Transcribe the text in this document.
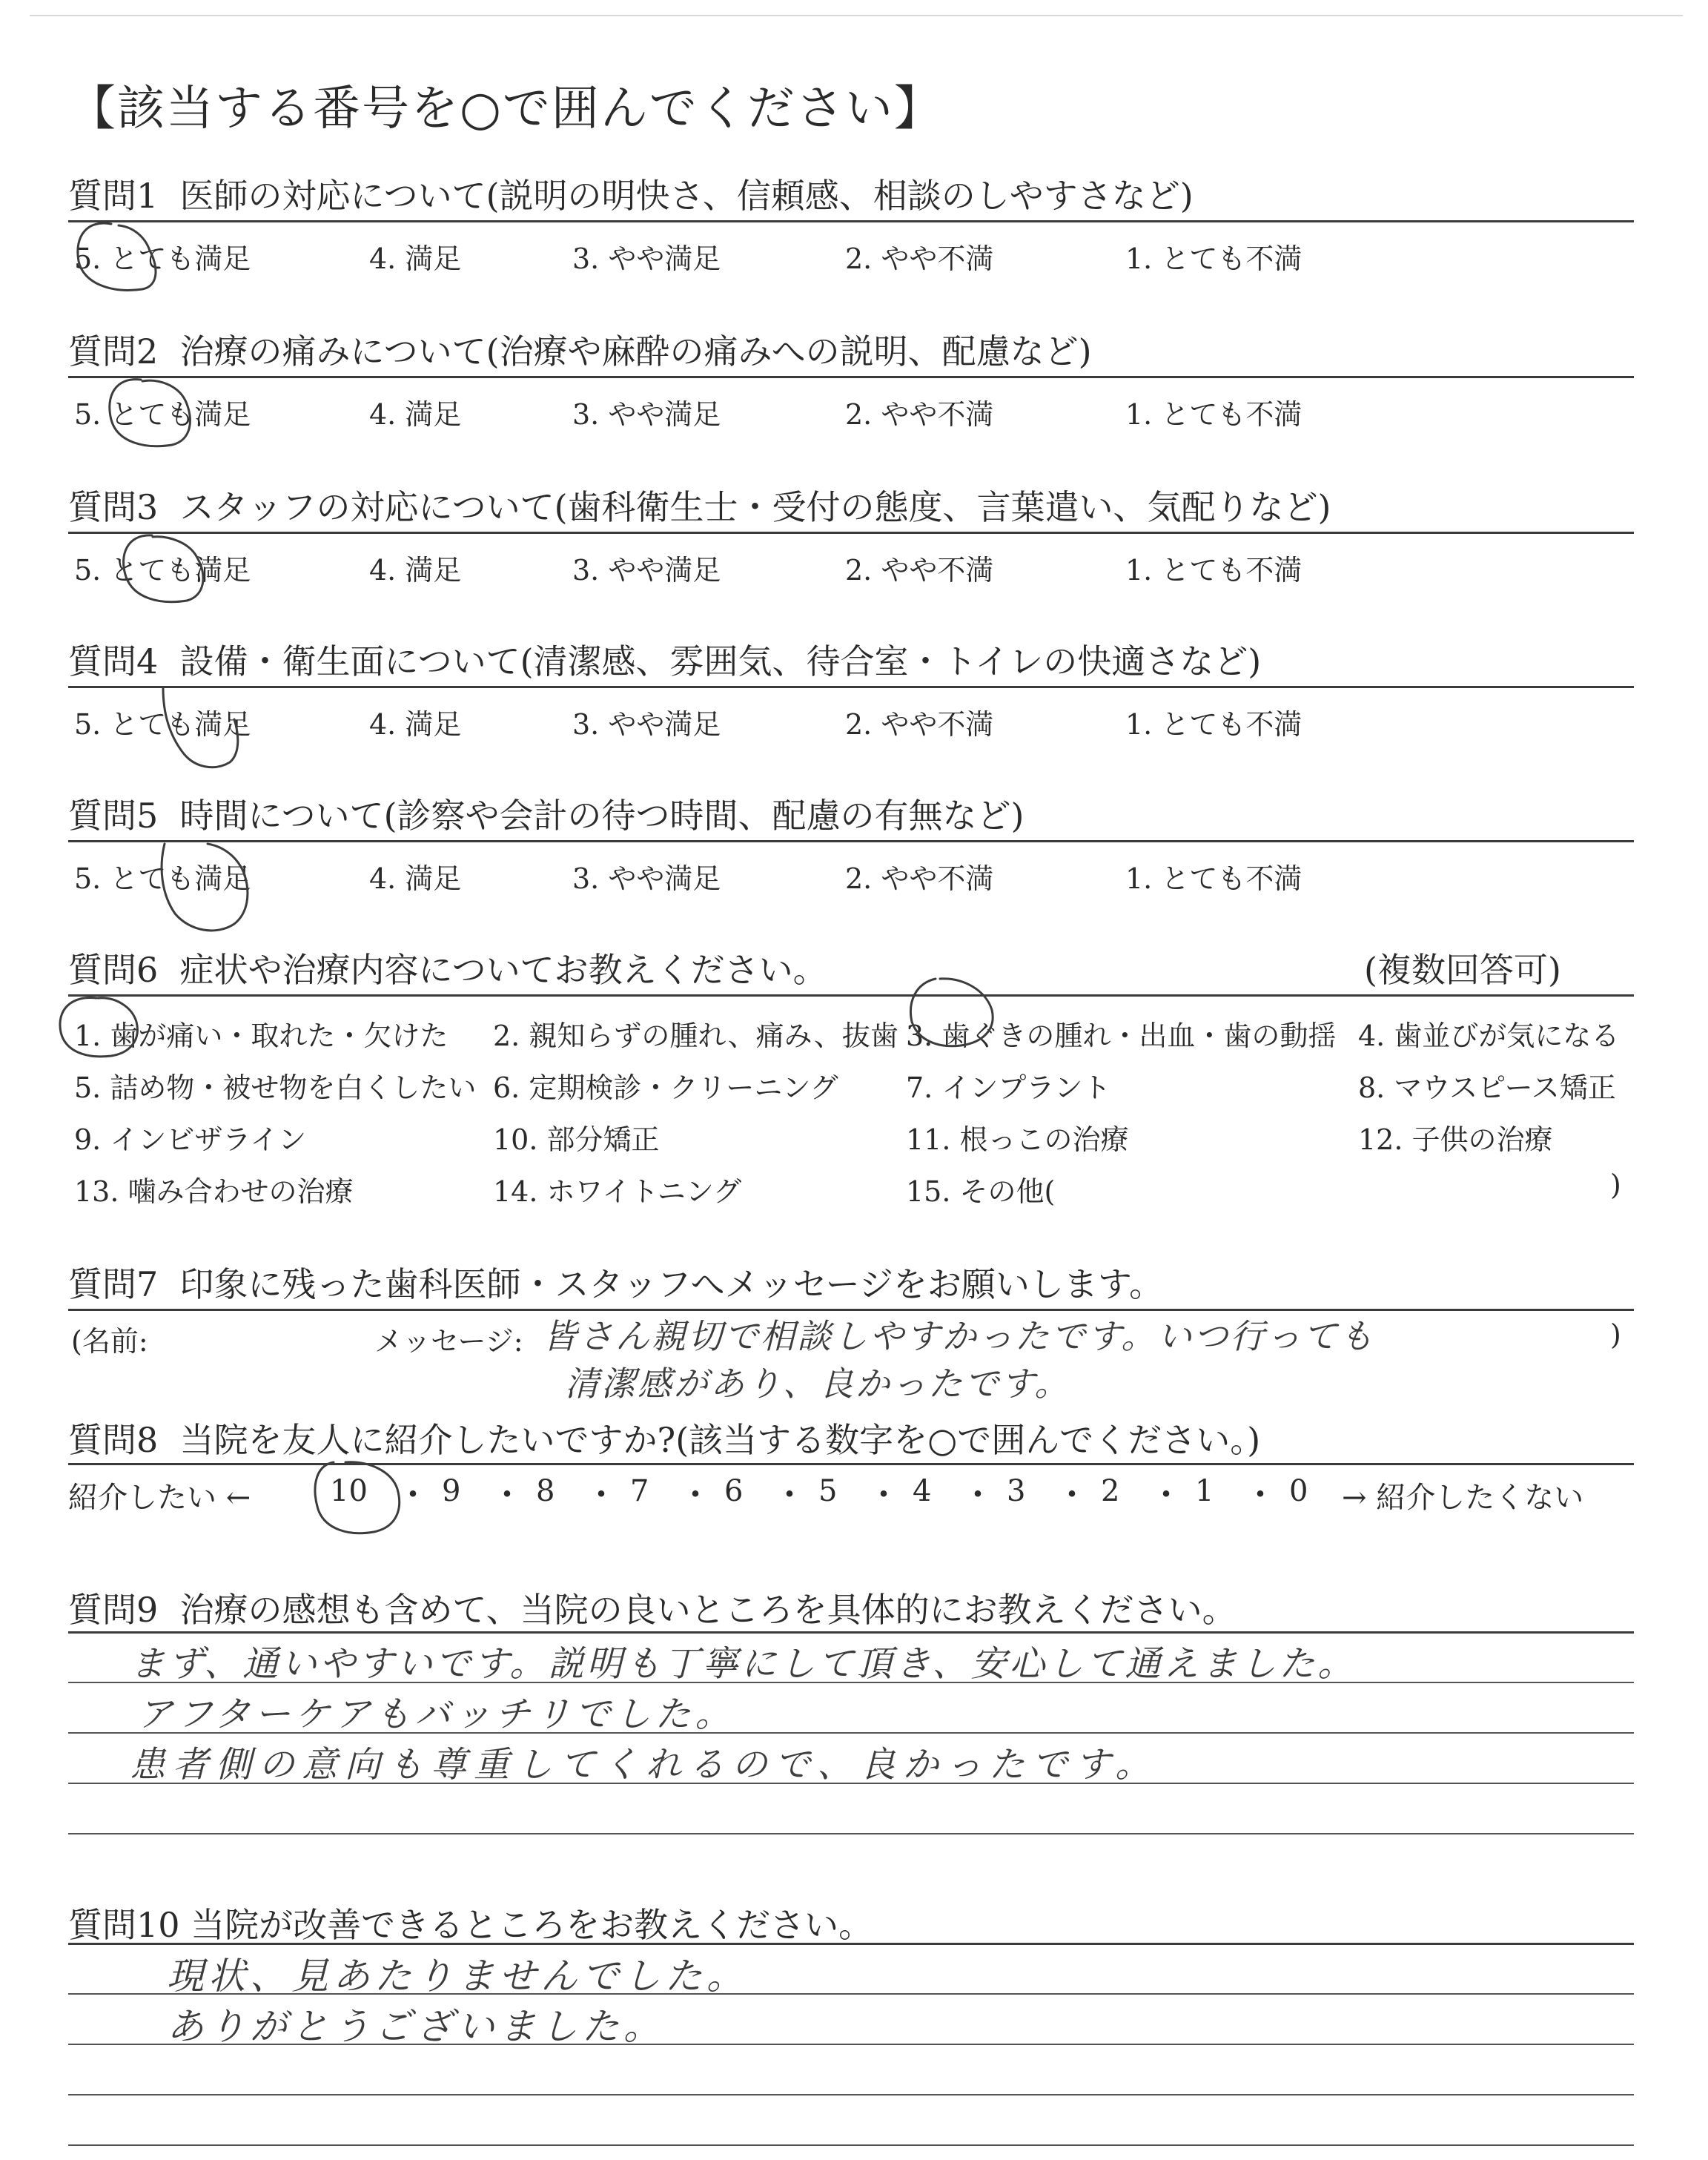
【該当する番号を○で囲んでください】
質問1 医師の対応について(説明の明快さ、信頼感、相談のしやすさなど)
5. とても満足	4. 満足	3. やや満足	2. やや不満	1. とても不満
質問2 治療の痛みについて(治療や麻酔の痛みへの説明、配慮など)
5. とても満足	4. 満足	3. やや満足	2. やや不満	1. とても不満
質問3 スタッフの対応について(歯科衛生士・受付の態度、言葉遣い、気配りなど)
5. とても満足	4. 満足	3. やや満足	2. やや不満	1. とても不満
質問4 設備・衛生面について(清潔感、雰囲気、待合室・トイレの快適さなど)
5. とても満足	4. 満足	3. やや満足	2. やや不満	1. とても不満
質問5 時間について(診察や会計の待つ時間、配慮の有無など)
5. とても満足	4. 満足	3. やや満足	2. やや不満	1. とても不満
質問6 症状や治療内容についてお教えください。	(複数回答可)
1. 歯が痛い・取れた・欠けた 2. 親知らずの腫れ、痛み、抜歯 3. 歯ぐきの腫れ・出血・歯の動揺 4. 歯並びが気になる
5. 詰め物・被せ物を白くしたい 6. 定期検診・クリーニング 7. インプラント	8. マウスピース矯正
9. インビザライン	10. 部分矯正	11. 根っこの治療	12. 子供の治療
13. 噛み合わせの治療	14. ホワイトニング	15. その他(	)
質問7 印象に残った歯科医師・スタッフへメッセージをお願いします。
(名前:	メッセージ:	)
皆さん親切で相談しやすかったです。いつ行っても
清潔感があり、良かったです。
質問8 当院を友人に紹介したいですか?(該当する数字を○で囲んでください。)
紹介したい ←	10	9	8	7	6	5	4	3	2	1	0 → 紹介したくない
・ ・ ・ ・ ・ ・ ・ ・ ・ ・
質問9 治療の感想も含めて、当院の良いところを具体的にお教えください。
まず、通いやすいです。説明も丁寧にして頂き、安心して通えました。
アフターケアもバッチリでした。
患者側の意向も尊重してくれるので、良かったです。
質問10 当院が改善できるところをお教えください。
現状、見あたりませんでした。
ありがとうございました。
